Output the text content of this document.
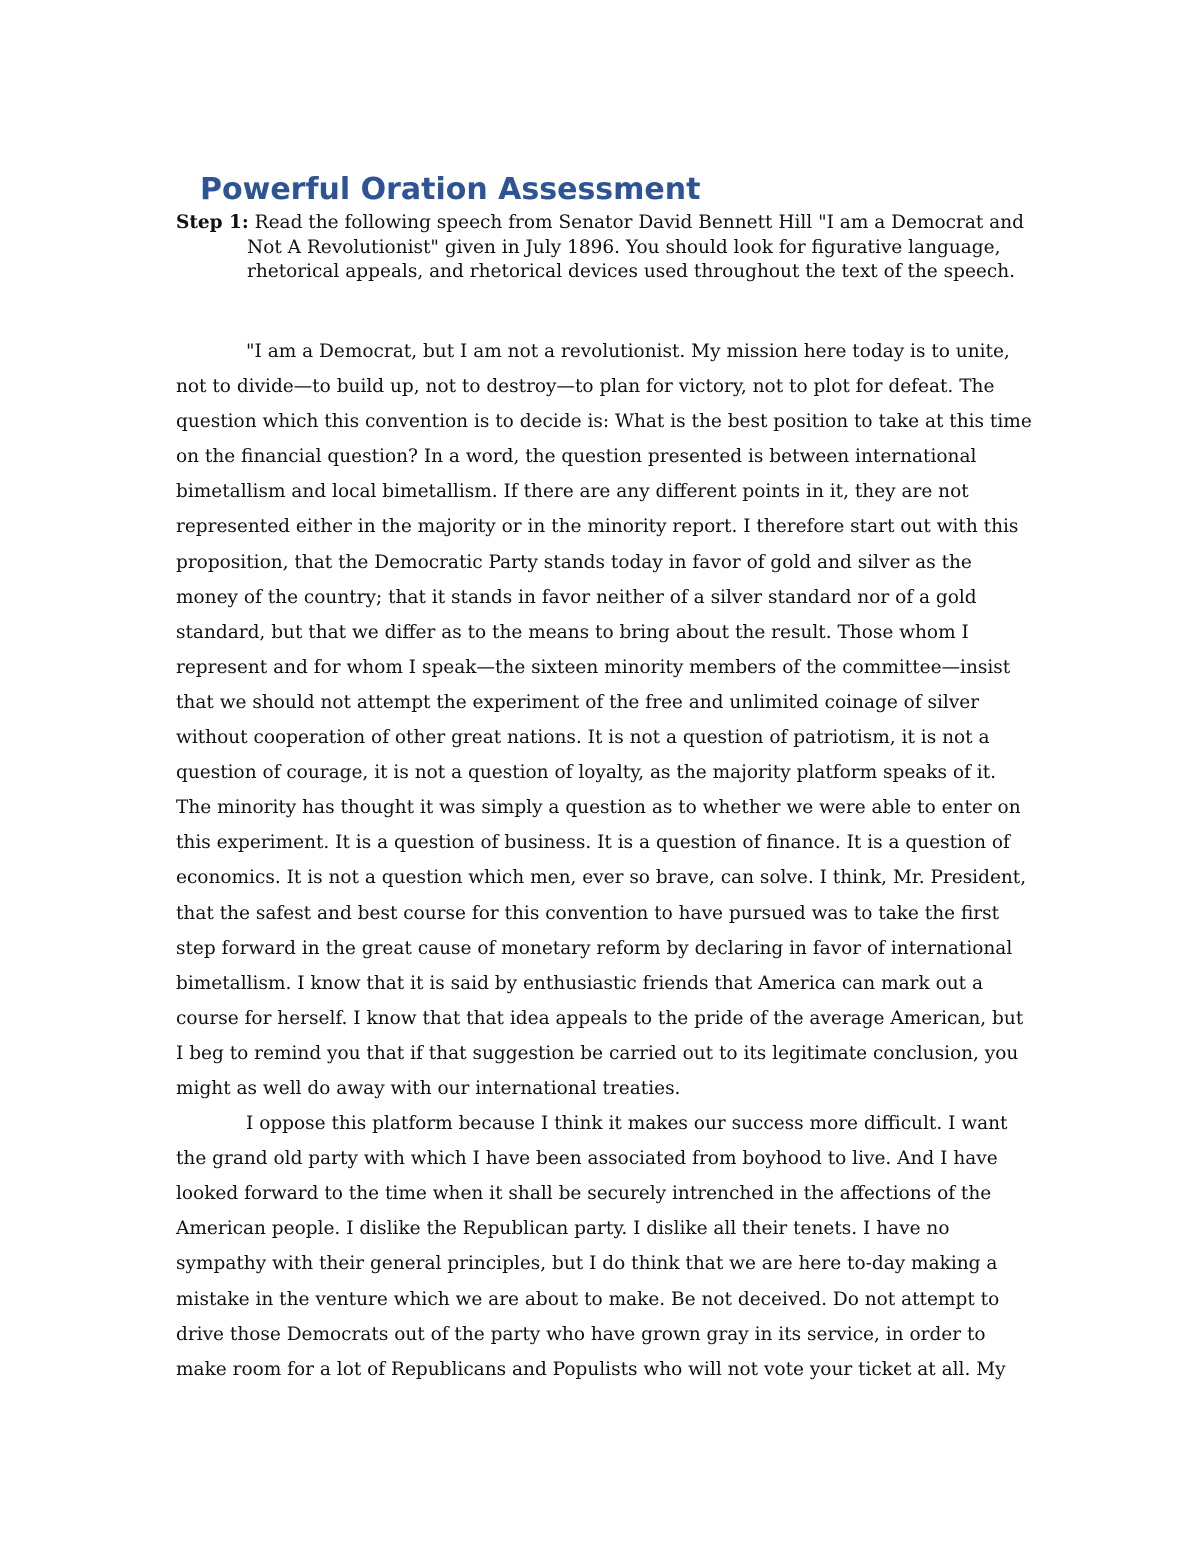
Powerful Oration Assessment

Step 1: Read the following speech from Senator David Bennett Hill "I am a Democrat and Not A Revolutionist" given in July 1896. You should look for figurative language, rhetorical appeals, and rhetorical devices used throughout the text of the speech.

"I am a Democrat, but I am not a revolutionist. My mission here today is to unite, not to divide—to build up, not to destroy—to plan for victory, not to plot for defeat. The question which this convention is to decide is: What is the best position to take at this time on the financial question? In a word, the question presented is between international bimetallism and local bimetallism. If there are any different points in it, they are not represented either in the majority or in the minority report. I therefore start out with this proposition, that the Democratic Party stands today in favor of gold and silver as the money of the country; that it stands in favor neither of a silver standard nor of a gold standard, but that we differ as to the means to bring about the result. Those whom I represent and for whom I speak—the sixteen minority members of the committee—insist that we should not attempt the experiment of the free and unlimited coinage of silver without cooperation of other great nations. It is not a question of patriotism, it is not a question of courage, it is not a question of loyalty, as the majority platform speaks of it. The minority has thought it was simply a question as to whether we were able to enter on this experiment. It is a question of business. It is a question of finance. It is a question of economics. It is not a question which men, ever so brave, can solve. I think, Mr. President, that the safest and best course for this convention to have pursued was to take the first step forward in the great cause of monetary reform by declaring in favor of international bimetallism. I know that it is said by enthusiastic friends that America can mark out a course for herself. I know that that idea appeals to the pride of the average American, but I beg to remind you that if that suggestion be carried out to its legitimate conclusion, you might as well do away with our international treaties.

I oppose this platform because I think it makes our success more difficult. I want the grand old party with which I have been associated from boyhood to live. And I have looked forward to the time when it shall be securely intrenched in the affections of the American people. I dislike the Republican party. I dislike all their tenets. I have no sympathy with their general principles, but I do think that we are here to-day making a mistake in the venture which we are about to make. Be not deceived. Do not attempt to drive those Democrats out of the party who have grown gray in its service, in order to make room for a lot of Republicans and Populists who will not vote your ticket at all. My
